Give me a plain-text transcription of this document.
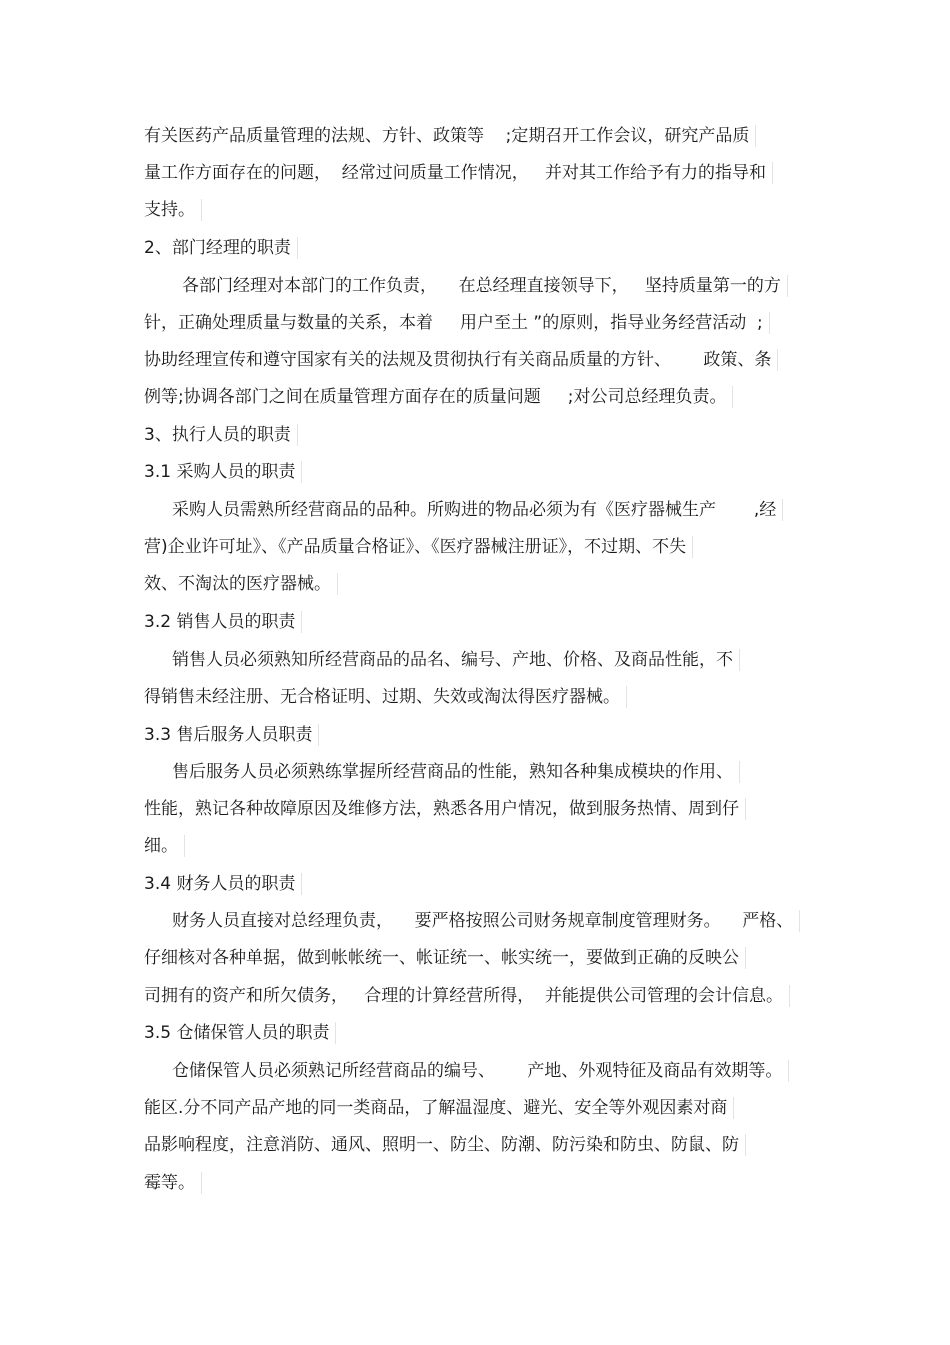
有关医药产品质量管理的法规、方针、政策等    ;定期召开工作会议，研究产品质
量工作方面存在的问题，  经常过问质量工作情况，   并对其工作给予有力的指导和
支持。
2、部门经理的职责
各部门经理对本部门的工作负责，    在总经理直接领导下，   坚持质量第一的方
针，正确处理质量与数量的关系，本着     用户至土 ”的原则，指导业务经营活动  ;
协助经理宣传和遵守国家有关的法规及贯彻执行有关商品质量的方针、      政策、条
例等;协调各部门之间在质量管理方面存在的质量问题     ;对公司总经理负责。
3、执行人员的职责
3.1 采购人员的职责
采购人员需熟所经营商品的品种。所购进的物品必须为有《医疗器械生产       ,经
营)企业许可址》、《产品质量合格证》、《医疗器械注册证》，不过期、不失
效、不淘汰的医疗器械。
3.2 销售人员的职责
销售人员必须熟知所经营商品的品名、编号、产地、价格、及商品性能，不
得销售未经注册、无合格证明、过期、失效或淘汰得医疗器械。
3.3 售后服务人员职责
售后服务人员必须熟练掌握所经营商品的性能，熟知各种集成模块的作用、
性能，熟记各种故障原因及维修方法，熟悉各用户情况，做到服务热情、周到仔
细。
3.4 财务人员的职责
财务人员直接对总经理负责，    要严格按照公司财务规章制度管理财务。    严格、
仔细核对各种单据，做到帐帐统一、帐证统一、帐实统一，要做到正确的反映公
司拥有的资产和所欠债务，   合理的计算经营所得，  并能提供公司管理的会计信息。
3.5 仓储保管人员的职责
仓储保管人员必须熟记所经营商品的编号、      产地、外观特征及商品有效期等。
能区.分不同产品产地的同一类商品，了解温湿度、避光、安全等外观因素对商
品影响程度，注意消防、通风、照明一、防尘、防潮、防污染和防虫、防鼠、防
霉等。
